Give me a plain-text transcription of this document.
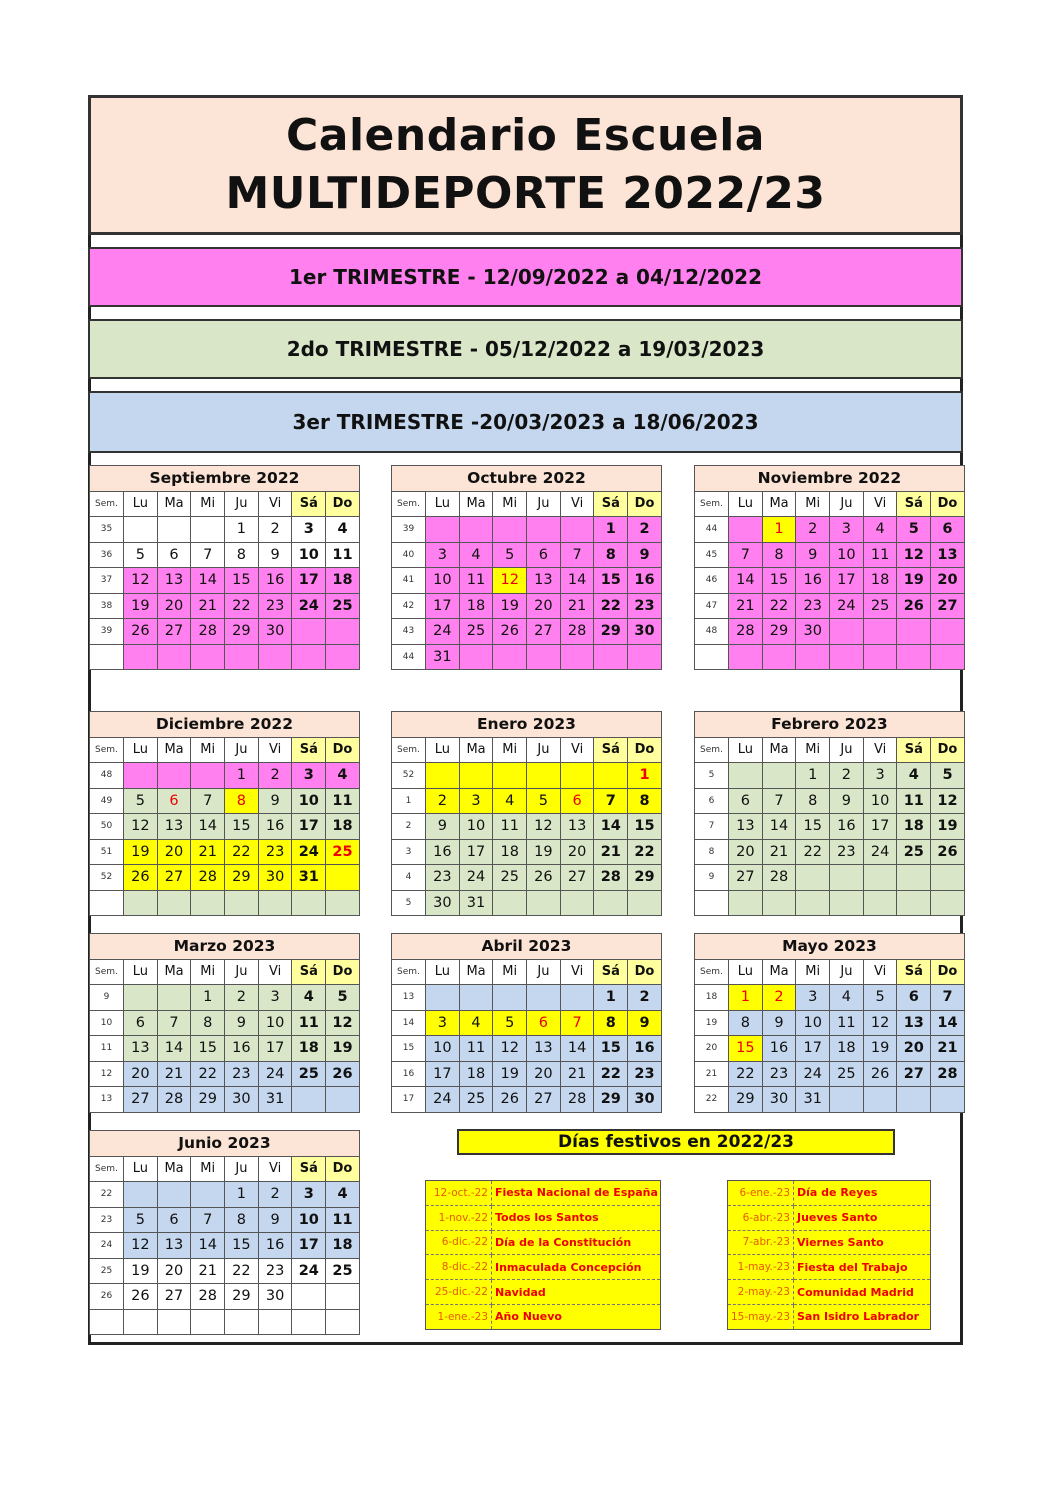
Calendario Escuela
MULTIDEPORTE 2022/23
1er TRIMESTRE - 12/09/2022 a 04/12/2022
2do TRIMESTRE - 05/12/2022 a 19/03/2023
3er TRIMESTRE -20/03/2023 a 18/06/2023
Septiembre 2022							
Sem.	Lu	Ma	Mi	Ju	Vi	Sá	Do
35				1	2	3	4
36	5	6	7	8	9	10	11
37	12	13	14	15	16	17	18
38	19	20	21	22	23	24	25
39	26	27	28	29	30		

Octubre 2022							
Sem.	Lu	Ma	Mi	Ju	Vi	Sá	Do
39						1	2
40	3	4	5	6	7	8	9
41	10	11	12	13	14	15	16
42	17	18	19	20	21	22	23
43	24	25	26	27	28	29	30
44	31						
Noviembre 2022							
Sem.	Lu	Ma	Mi	Ju	Vi	Sá	Do
44		1	2	3	4	5	6
45	7	8	9	10	11	12	13
46	14	15	16	17	18	19	20
47	21	22	23	24	25	26	27
48	28	29	30				

Diciembre 2022							
Sem.	Lu	Ma	Mi	Ju	Vi	Sá	Do
48				1	2	3	4
49	5	6	7	8	9	10	11
50	12	13	14	15	16	17	18
51	19	20	21	22	23	24	25
52	26	27	28	29	30	31	

Enero 2023							
Sem.	Lu	Ma	Mi	Ju	Vi	Sá	Do
52							1
1	2	3	4	5	6	7	8
2	9	10	11	12	13	14	15
3	16	17	18	19	20	21	22
4	23	24	25	26	27	28	29
5	30	31					
Febrero 2023							
Sem.	Lu	Ma	Mi	Ju	Vi	Sá	Do
5			1	2	3	4	5
6	6	7	8	9	10	11	12
7	13	14	15	16	17	18	19
8	20	21	22	23	24	25	26
9	27	28					

Marzo 2023							
Sem.	Lu	Ma	Mi	Ju	Vi	Sá	Do
9			1	2	3	4	5
10	6	7	8	9	10	11	12
11	13	14	15	16	17	18	19
12	20	21	22	23	24	25	26
13	27	28	29	30	31		
Abril 2023							
Sem.	Lu	Ma	Mi	Ju	Vi	Sá	Do
13						1	2
14	3	4	5	6	7	8	9
15	10	11	12	13	14	15	16
16	17	18	19	20	21	22	23
17	24	25	26	27	28	29	30
Mayo 2023							
Sem.	Lu	Ma	Mi	Ju	Vi	Sá	Do
18	1	2	3	4	5	6	7
19	8	9	10	11	12	13	14
20	15	16	17	18	19	20	21
21	22	23	24	25	26	27	28
22	29	30	31				
Junio 2023							
Sem.	Lu	Ma	Mi	Ju	Vi	Sá	Do
22				1	2	3	4
23	5	6	7	8	9	10	11
24	12	13	14	15	16	17	18
25	19	20	21	22	23	24	25
26	26	27	28	29	30		

Días festivos en 2022/23
12-oct.-22	Fiesta Nacional de España
1-nov.-22	Todos los Santos
6-dic.-22	Día de la Constitución
8-dic.-22	Inmaculada Concepción
25-dic.-22	Navidad
1-ene.-23	Año Nuevo
6-ene.-23	Día de Reyes
6-abr.-23	Jueves Santo
7-abr.-23	Viernes Santo
1-may.-23	Fiesta del Trabajo
2-may.-23	Comunidad Madrid
15-may.-23	San Isidro Labrador
